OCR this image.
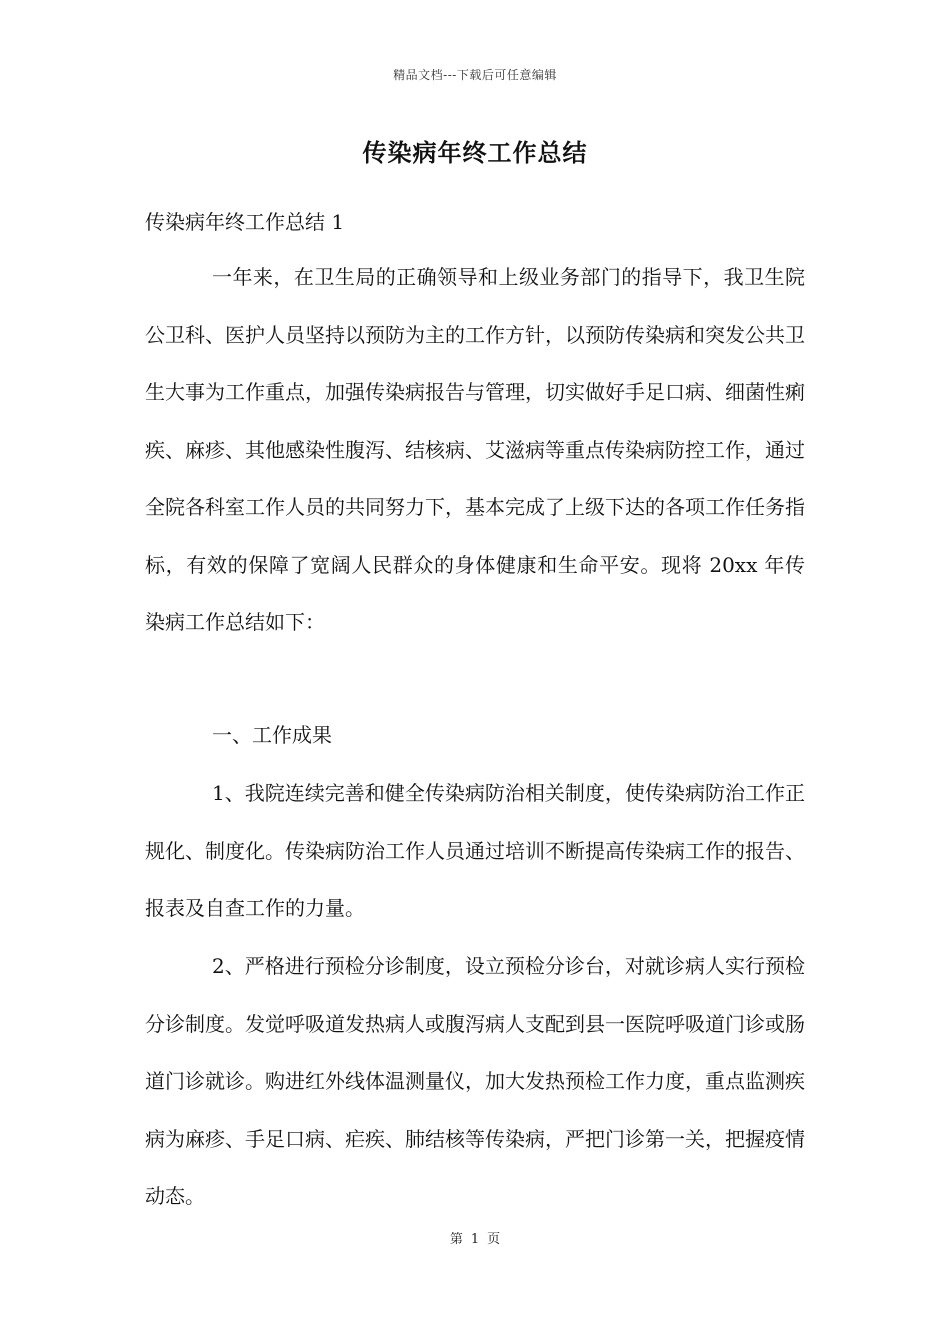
精品文档---下载后可任意编辑
传染病年终工作总结
传染病年终工作总结 1

一年来，在卫生局的正确领导和上级业务部门的指导下，我卫生院公卫科、医护人员坚持以预防为主的工作方针，以预防传染病和突发公共卫生大事为工作重点，加强传染病报告与管理，切实做好手足口病、细菌性痢疾、麻疹、其他感染性腹泻、结核病、艾滋病等重点传染病防控工作，通过全院各科室工作人员的共同努力下，基本完成了上级下达的各项工作任务指标，有效的保障了宽阔人民群众的身体健康和生命平安。现将 20xx 年传染病工作总结如下：

一、工作成果

1、我院连续完善和健全传染病防治相关制度，使传染病防治工作正规化、制度化。传染病防治工作人员通过培训不断提高传染病工作的报告、报表及自查工作的力量。

2、严格进行预检分诊制度，设立预检分诊台，对就诊病人实行预检分诊制度。发觉呼吸道发热病人或腹泻病人支配到县一医院呼吸道门诊或肠道门诊就诊。购进红外线体温测量仪，加大发热预检工作力度，重点监测疾病为麻疹、手足口病、疟疾、肺结核等传染病，严把门诊第一关，把握疫情动态。

第 1 页
